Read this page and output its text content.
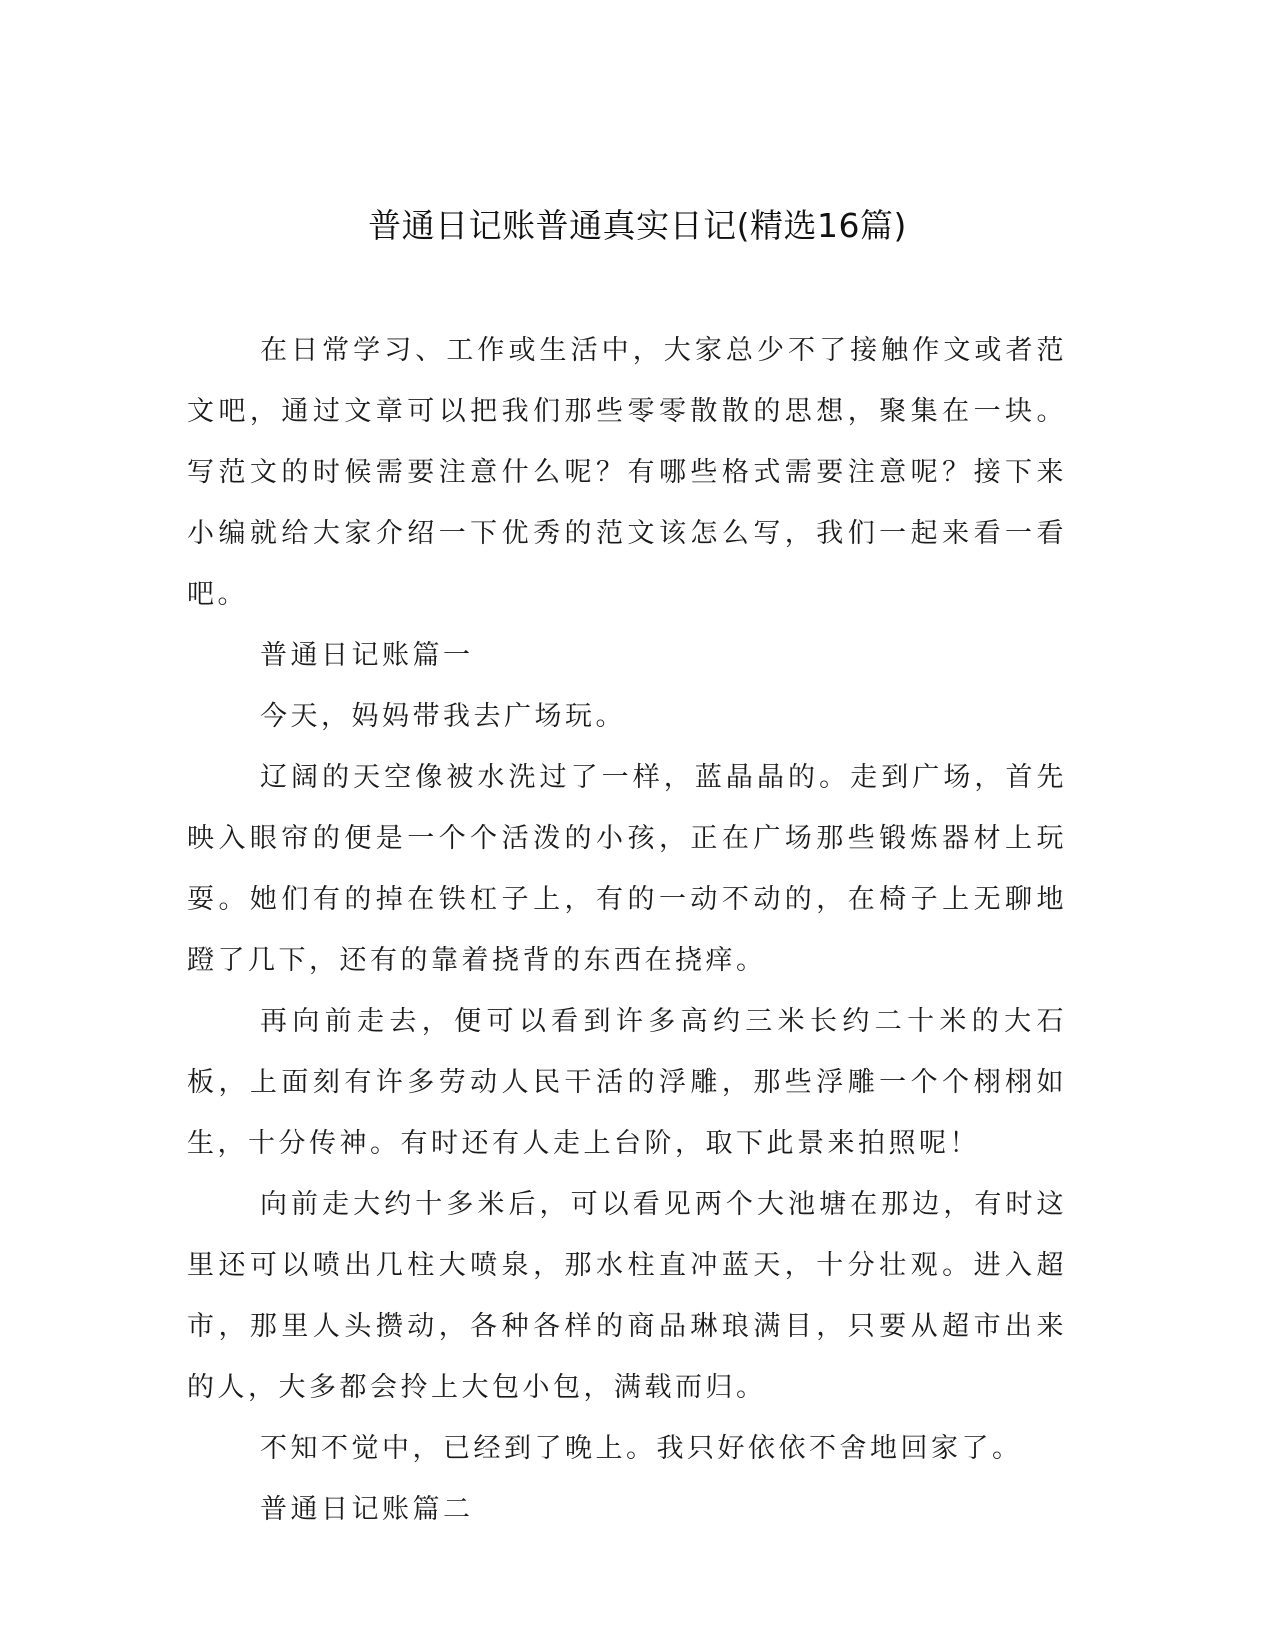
普通日记账普通真实日记(精选16篇)

在日常学习、工作或生活中，大家总少不了接触作文或者范文吧，通过文章可以把我们那些零零散散的思想，聚集在一块。写范文的时候需要注意什么呢？有哪些格式需要注意呢？接下来小编就给大家介绍一下优秀的范文该怎么写，我们一起来看一看吧。

普通日记账篇一

今天，妈妈带我去广场玩。

辽阔的天空像被水洗过了一样，蓝晶晶的。走到广场，首先映入眼帘的便是一个个活泼的小孩，正在广场那些锻炼器材上玩耍。她们有的掉在铁杠子上，有的一动不动的，在椅子上无聊地蹬了几下，还有的靠着挠背的东西在挠痒。

再向前走去，便可以看到许多高约三米长约二十米的大石板，上面刻有许多劳动人民干活的浮雕，那些浮雕一个个栩栩如生，十分传神。有时还有人走上台阶，取下此景来拍照呢！

向前走大约十多米后，可以看见两个大池塘在那边，有时这里还可以喷出几柱大喷泉，那水柱直冲蓝天，十分壮观。进入超市，那里人头攒动，各种各样的商品琳琅满目，只要从超市出来的人，大多都会拎上大包小包，满载而归。

不知不觉中，已经到了晚上。我只好依依不舍地回家了。

普通日记账篇二
